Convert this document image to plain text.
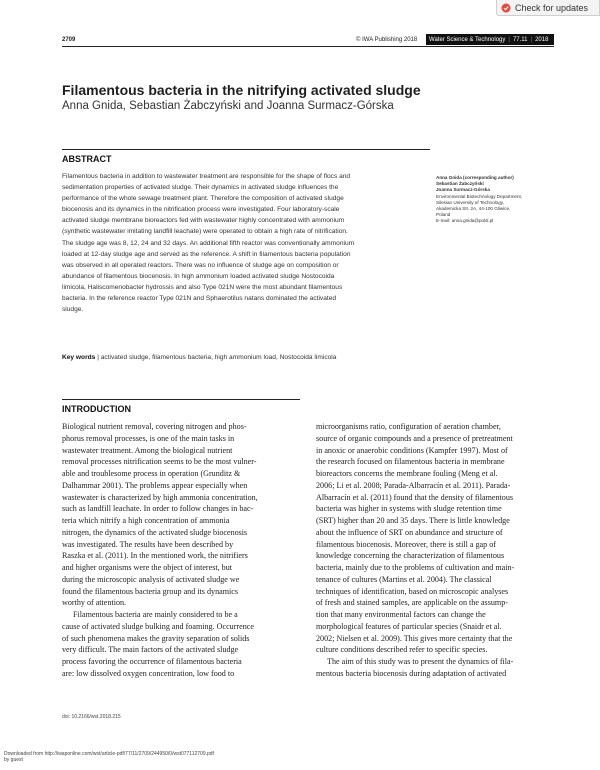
Check for updates
2709	© IWA Publishing 2018 Water Science & Technology | 77.11 | 2018
Filamentous bacteria in the nitrifying activated sludge
Anna Gnida, Sebastian Żabczyński and Joanna Surmacz-Górska
ABSTRACT

Filamentous bacteria in addition to wastewater treatment are responsible for the shape of flocs and

sedimentation properties of activated sludge. Their dynamics in activated sludge influences the

performance of the whole sewage treatment plant. Therefore the composition of activated sludge

biocenosis and its dynamics in the nitrification process were investigated. Four laboratory-scale

activated sludge membrane bioreactors fed with wastewater highly concentrated with ammonium

(synthetic wastewater imitating landfill leachate) were operated to obtain a high rate of nitrification.

The sludge age was 8, 12, 24 and 32 days. An additional fifth reactor was conventionally ammonium

loaded at 12-day sludge age and served as the reference. A shift in filamentous bacteria population

was observed in all operated reactors. There was no influence of sludge age on composition or

abundance of filamentous biocenosis. In high ammonium loaded activated sludge Nostocoida

limicola, Haliscomenobacter hydrossis and also Type 021N were the most abundant filamentous

bacteria. In the reference reactor Type 021N and Sphaerotilus natans dominated the activated

sludge.

Key words | activated sludge, filamentous bacteria, high ammonium load, Nostocoida limicola
Anna Gnida (corresponding author)
Sebastian Żabczyński
Joanna Surmacz-Górska
Environmental Biotechnology Department,
Silesian University of Technology,
Akademicka Str. 2A, 44-100 Gliwice,
Poland
E-mail: anna.gnida@polsl.pl
INTRODUCTION

Biological nutrient removal, covering nitrogen and phos-

phorus removal processes, is one of the main tasks in

wastewater treatment. Among the biological nutrient

removal processes nitrification seems to be the most vulner-

able and troublesome process in operation (Grunditz &

Dalhammar 2001). The problems appear especially when

wastewater is characterized by high ammonia concentration,

such as landfill leachate. In order to follow changes in bac-

teria which nitrify a high concentration of ammonia

nitrogen, the dynamics of the activated sludge biocenosis

was investigated. The results have been described by

Raszka et al. (2011). In the mentioned work, the nitrifiers

and higher organisms were the object of interest, but

during the microscopic analysis of activated sludge we

found the filamentous bacteria group and its dynamics

worthy of attention.

Filamentous bacteria are mainly considered to be a

cause of activated sludge bulking and foaming. Occurrence

of such phenomena makes the gravity separation of solids

very difficult. The main factors of the activated sludge

process favoring the occurrence of filamentous bacteria

are: low dissolved oxygen concentration, low food to

microorganisms ratio, configuration of aeration chamber,

source of organic compounds and a presence of pretreatment

in anoxic or anaerobic conditions (Kampfer 1997). Most of

the research focused on filamentous bacteria in membrane

bioreactors concerns the membrane fouling (Meng et al.

2006; Li et al. 2008; Parada-Albarracín et al. 2011). Parada-

Albarracín et al. (2011) found that the density of filamentous

bacteria was higher in systems with sludge retention time

(SRT) higher than 20 and 35 days. There is little knowledge

about the influence of SRT on abundance and structure of

filamentous biocenosis. Moreover, there is still a gap of

knowledge concerning the characterization of filamentous

bacteria, mainly due to the problems of cultivation and main-

tenance of cultures (Martins et al. 2004). The classical

techniques of identification, based on microscopic analyses

of fresh and stained samples, are applicable on the assump-

tion that many environmental factors can change the

morphological features of particular species (Snaidr et al.

2002; Nielsen et al. 2009). This gives more certainty that the

culture conditions described refer to specific species.

The aim of this study was to present the dynamics of fila-

mentous bacteria biocenosis during adaptation of activated

doi: 10.2166/wst.2018.215
Downloaded from http://iwaponline.com/wst/article-pdf/77/11/2709/244950/0/wst077112709.pdf
by guest
